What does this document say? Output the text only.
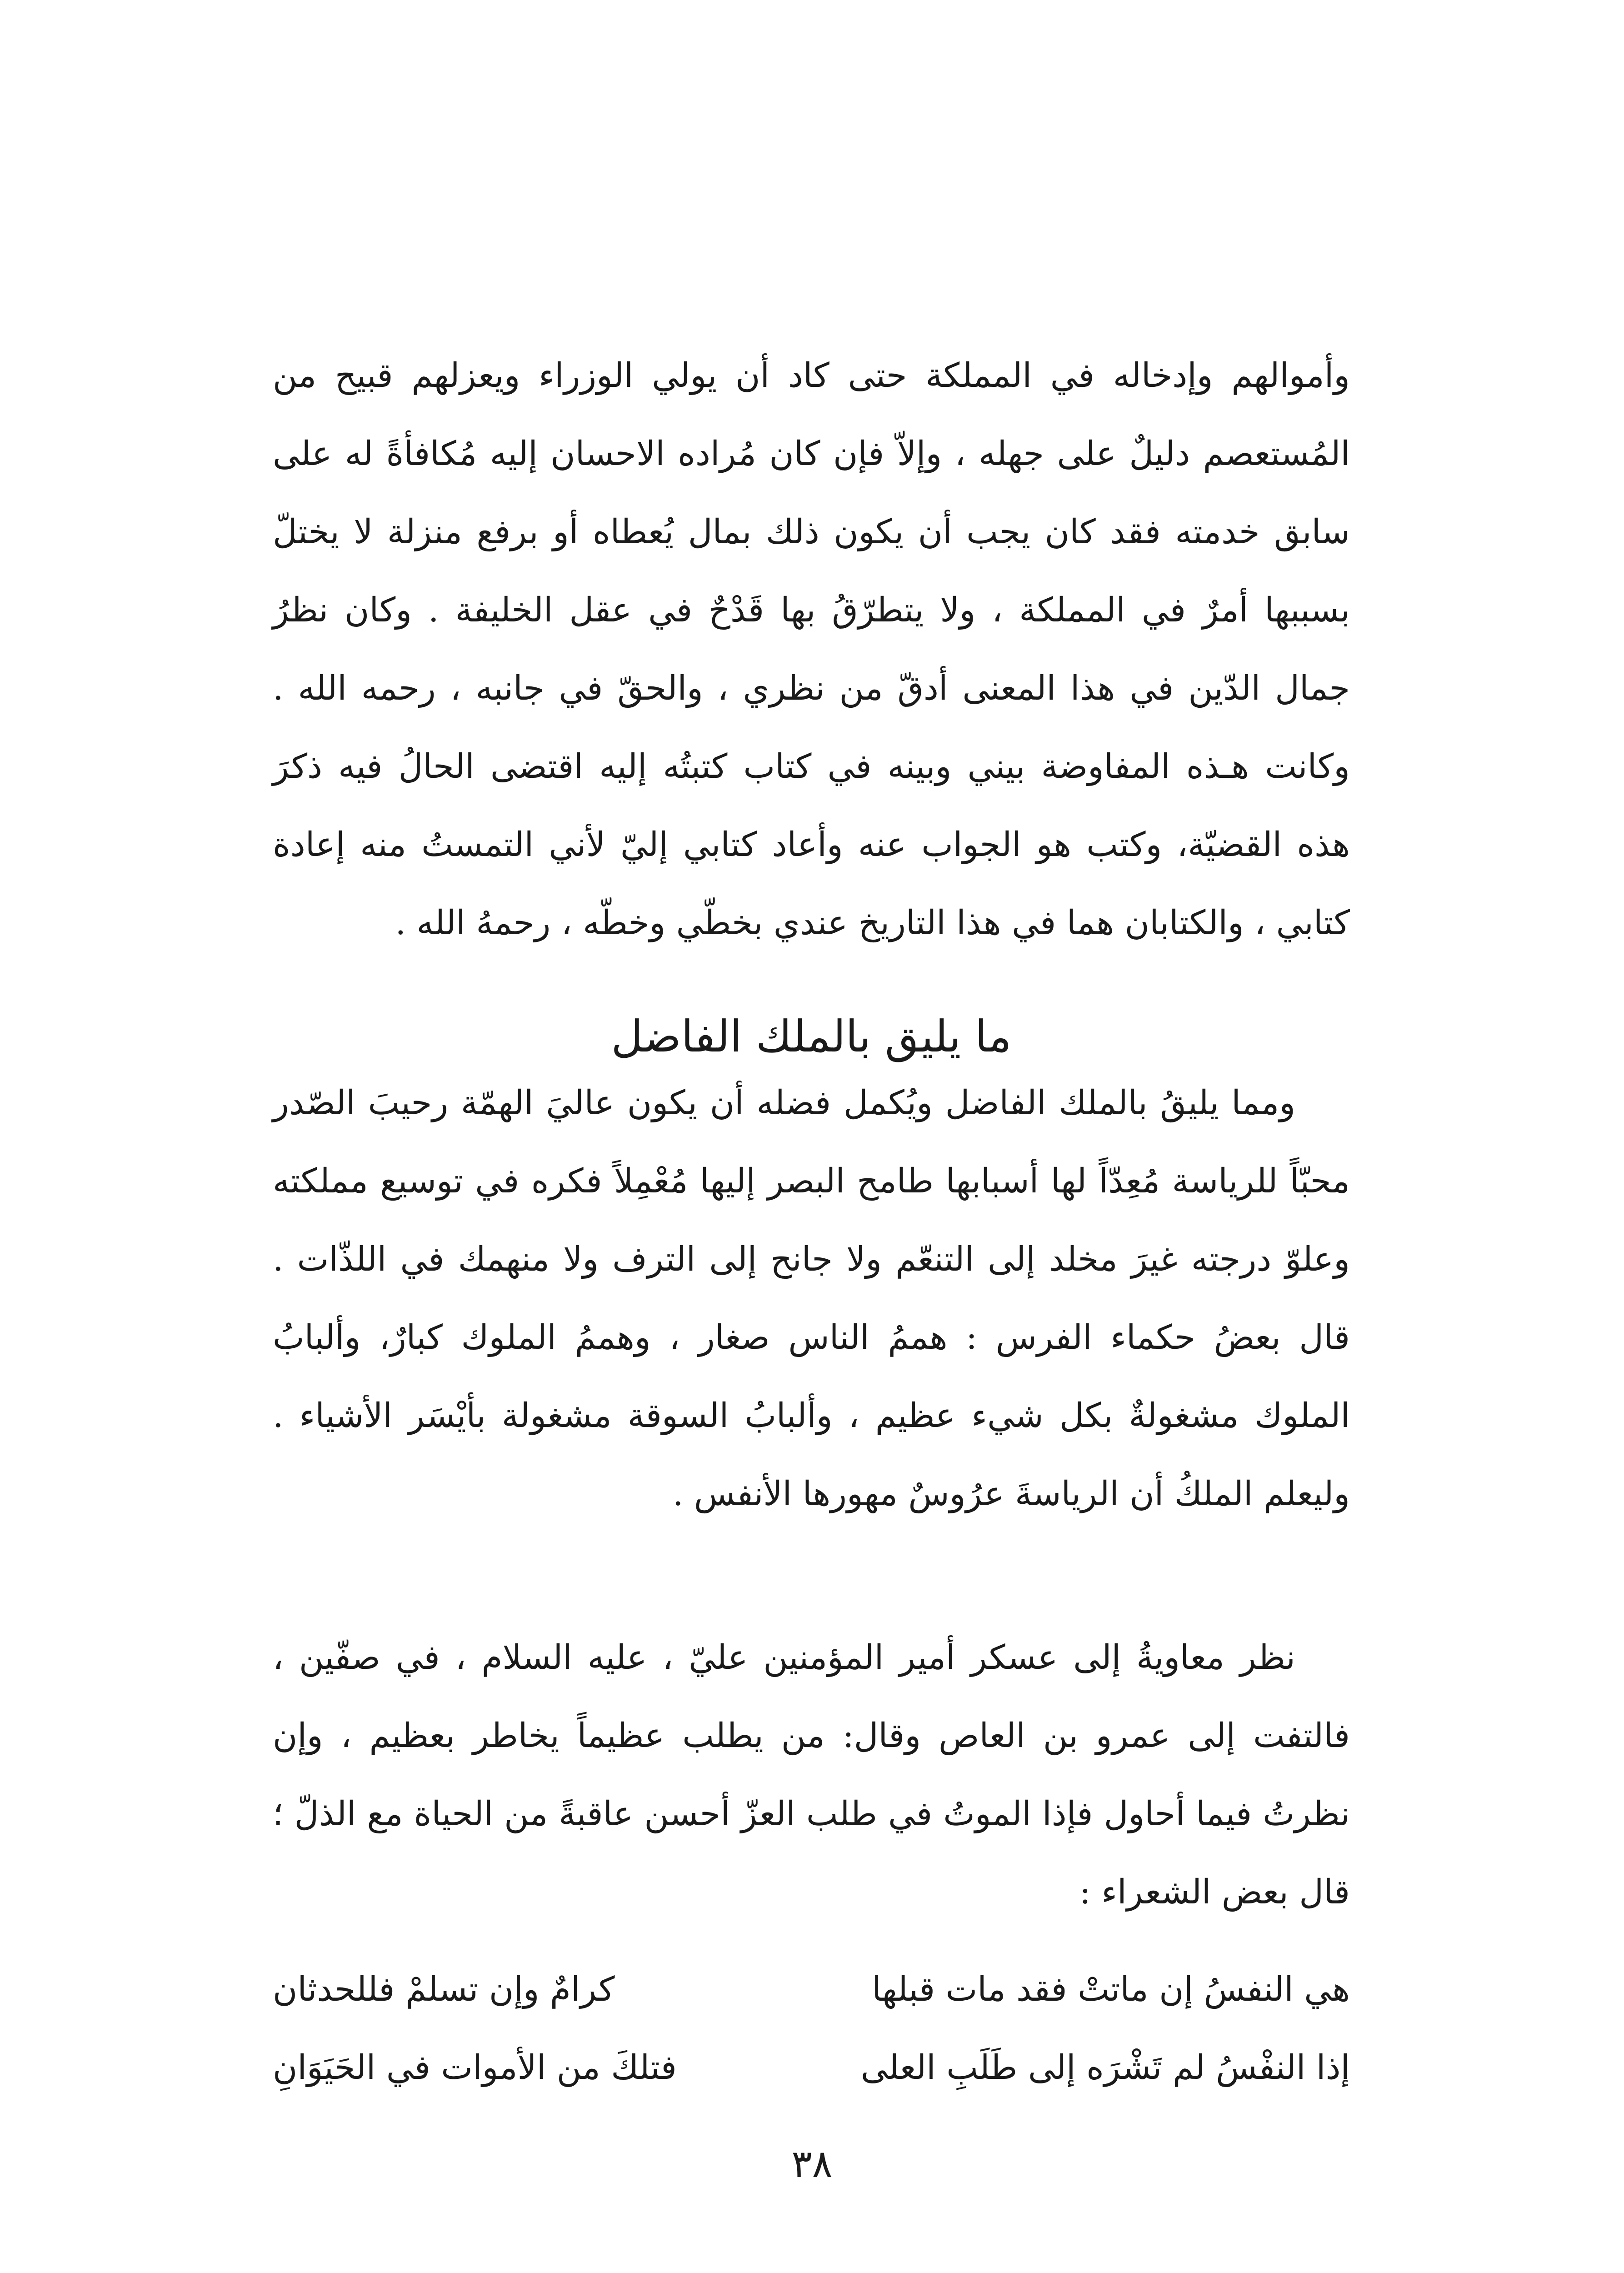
وأموالهم وإدخاله في المملكة حتى كاد أن يولي الوزراء ويعزلهم قبيح من المُستعصم دليلٌ على جهله ، وإلاّ فإن كان مُراده الاحسان إليه مُكافأةً له على سابق خدمته فقد كان يجب أن يكون ذلك بمال يُعطاه أو برفع منزلة لا يختلّ بسببها أمرٌ في المملكة ، ولا يتطرّقُ بها قَدْحٌ في عقل الخليفة . وكان نظرُ جمال الدّين في هذا المعنى أدقّ من نظري ، والحقّ في جانبه ، رحمه الله . وكانت هـذه المفاوضة بيني وبينه في كتاب كتبتُه إليه اقتضى الحالُ فيه ذكرَ هذه القضيّة، وكتب هو الجواب عنه وأعاد كتابي إليّ لأني التمستُ منه إعادة كتابي ، والكتابان هما في هذا التاريخ عندي بخطّي وخطّه ، رحمهُ الله .

ما يليق بالملك الفاضل

ومما يليقُ بالملك الفاضل ويُكمل فضله أن يكون عاليَ الهمّة رحيبَ الصّدر محبّاً للرياسة مُعِدّاً لها أسبابها طامح البصر إليها مُعْمِلاً فكره في توسيع مملكته وعلوّ درجته غيرَ مخلد إلى التنعّم ولا جانح إلى الترف ولا منهمك في اللذّات . قال بعضُ حكماء الفرس : هممُ الناس صغار ، وهممُ الملوك كبارٌ، وألبابُ الملوك مشغولةٌ بكل شيء عظيم ، وألبابُ السوقة مشغولة بأيْسَر الأشياء . وليعلم الملكُ أن الرياسةَ عرُوسٌ مهورها الأنفس .

نظر معاويةُ إلى عسكر أمير المؤمنين عليّ ، عليه السلام ، في صفّين ، فالتفت إلى عمرو بن العاص وقال: من يطلب عظيماً يخاطر بعظيم ، وإن نظرتُ فيما أحاول فإذا الموتُ في طلب العزّ أحسن عاقبةً من الحياة مع الذلّ ؛ قال بعض الشعراء :

هي النفسُ إن ماتتْ فقد مات قبلها
كرامٌ وإن تسلمْ فللحدثان
إذا النفْسُ لم تَشْرَه إلى طَلَبِ العلى
فتلكَ من الأموات في الحَيَوَانِ
٣٨
